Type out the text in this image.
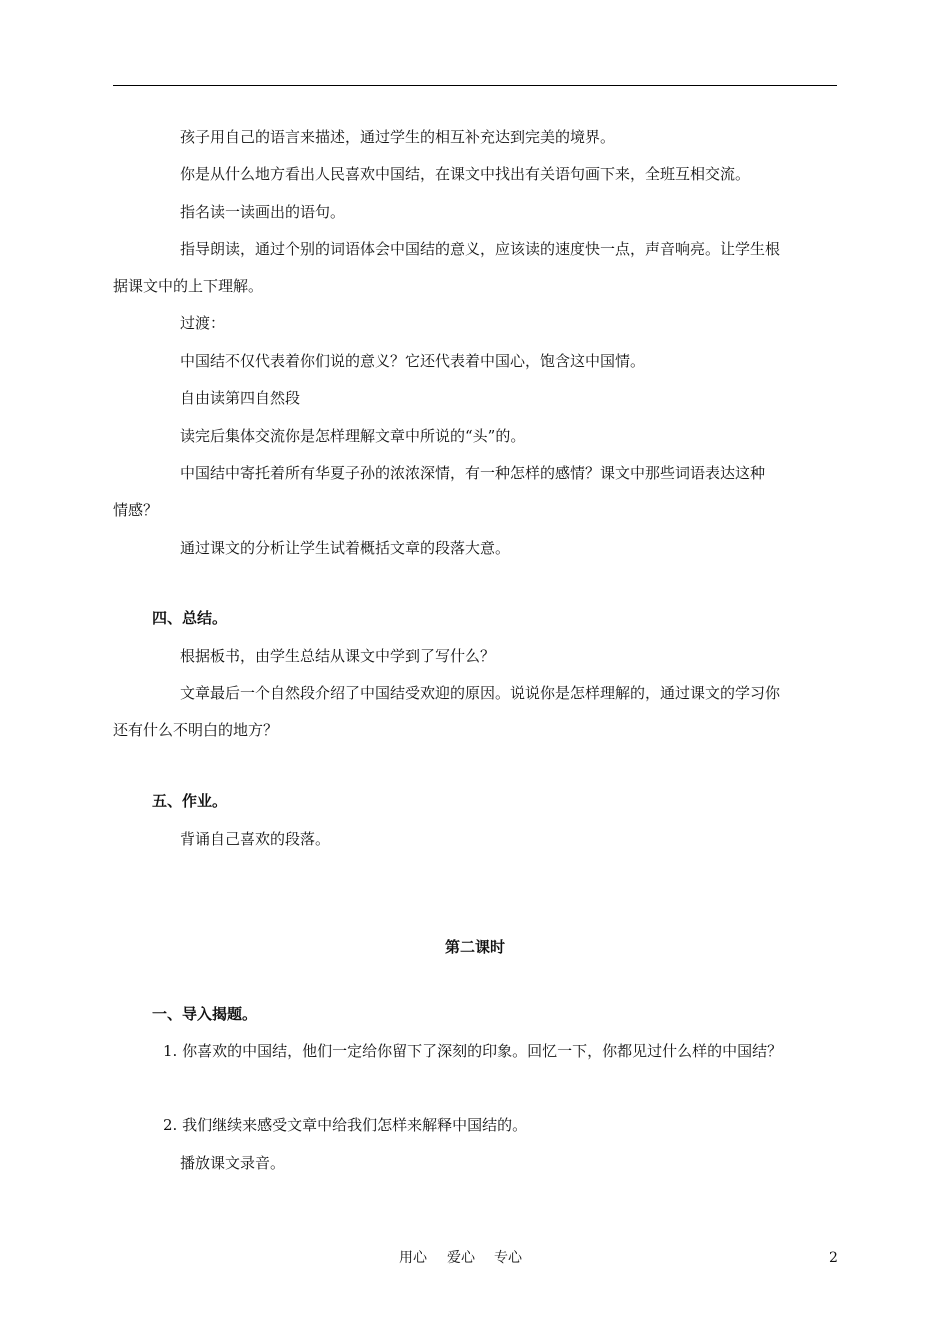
孩子用自己的语言来描述，通过学生的相互补充达到完美的境界。
你是从什么地方看出人民喜欢中国结，在课文中找出有关语句画下来，全班互相交流。
指名读一读画出的语句。
指导朗读，通过个别的词语体会中国结的意义，应该读的速度快一点，声音响亮。让学生根
据课文中的上下理解。
过渡：
中国结不仅代表着你们说的意义？它还代表着中国心，饱含这中国情。
自由读第四自然段
读完后集体交流你是怎样理解文章中所说的“头”的。
中国结中寄托着所有华夏子孙的浓浓深情，有一种怎样的感情？课文中那些词语表达这种
情感？
通过课文的分析让学生试着概括文章的段落大意。
四、总结。
根据板书，由学生总结从课文中学到了写什么？
文章最后一个自然段介绍了中国结受欢迎的原因。说说你是怎样理解的，通过课文的学习你
还有什么不明白的地方？
五、作业。
背诵自己喜欢的段落。
第二课时
一、导入揭题。
1. 你喜欢的中国结，他们一定给你留下了深刻的印象。回忆一下，你都见过什么样的中国结？
2. 我们继续来感受文章中给我们怎样来解释中国结的。
播放课文录音。
用心 爱心 专心	2
